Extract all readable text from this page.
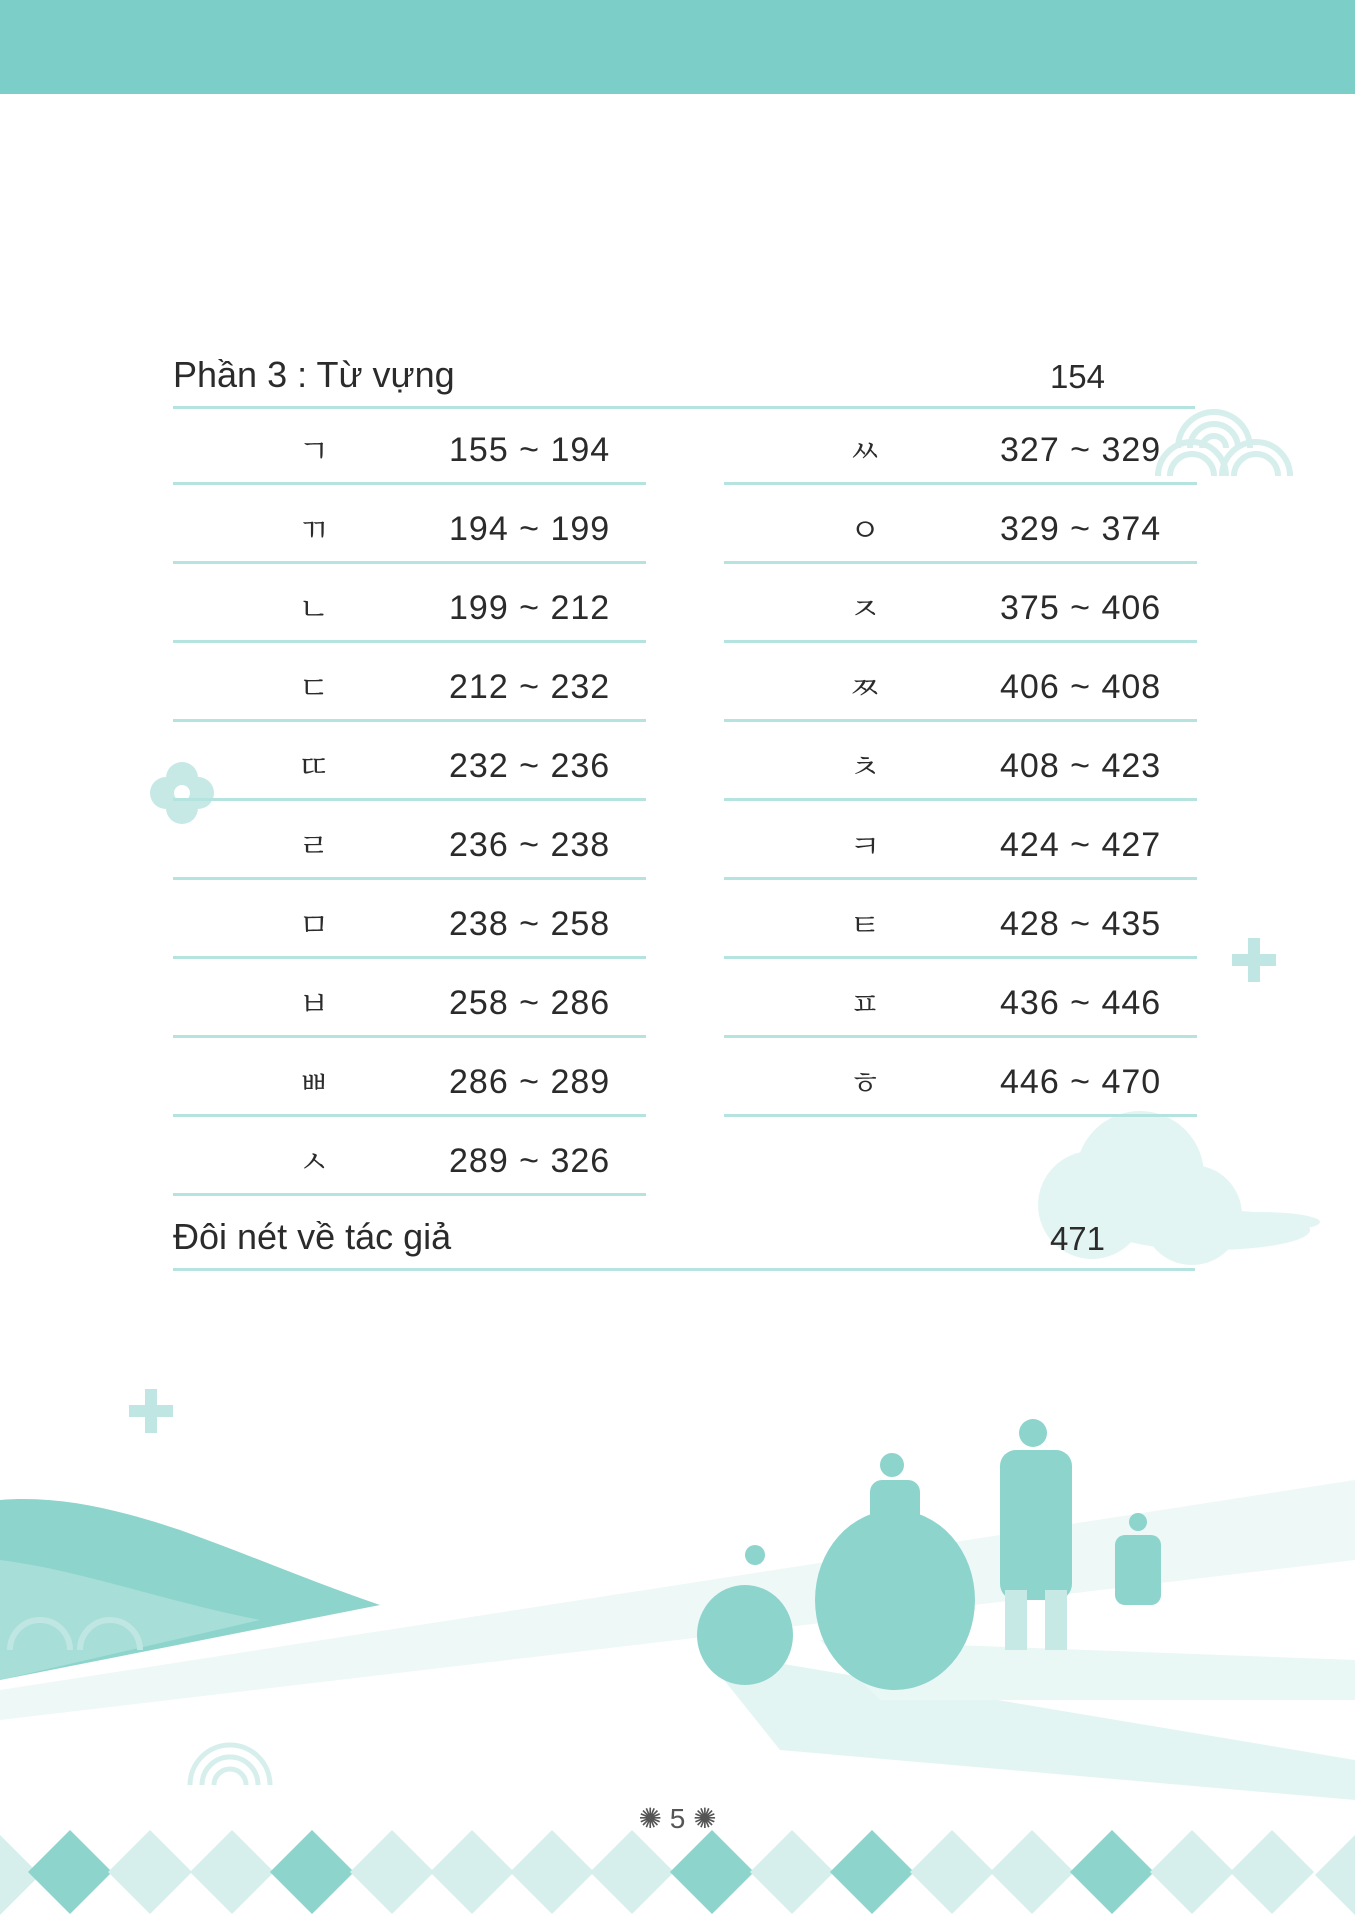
Phần 3 : Từ vựng	154
ㄱ	155 ~ 194
ㄲ	194 ~ 199
ㄴ	199 ~ 212
ㄷ	212 ~ 232
ㄸ	232 ~ 236
ㄹ	236 ~ 238
ㅁ	238 ~ 258
ㅂ	258 ~ 286
ㅃ	286 ~ 289
ㅅ	289 ~ 326
ㅆ	327 ~ 329
ㅇ	329 ~ 374
ㅈ	375 ~ 406
ㅉ	406 ~ 408
ㅊ	408 ~ 423
ㅋ	424 ~ 427
ㅌ	428 ~ 435
ㅍ	436 ~ 446
ㅎ	446 ~ 470
Đôi nét về tác giả	471
✺ 5 ✺
